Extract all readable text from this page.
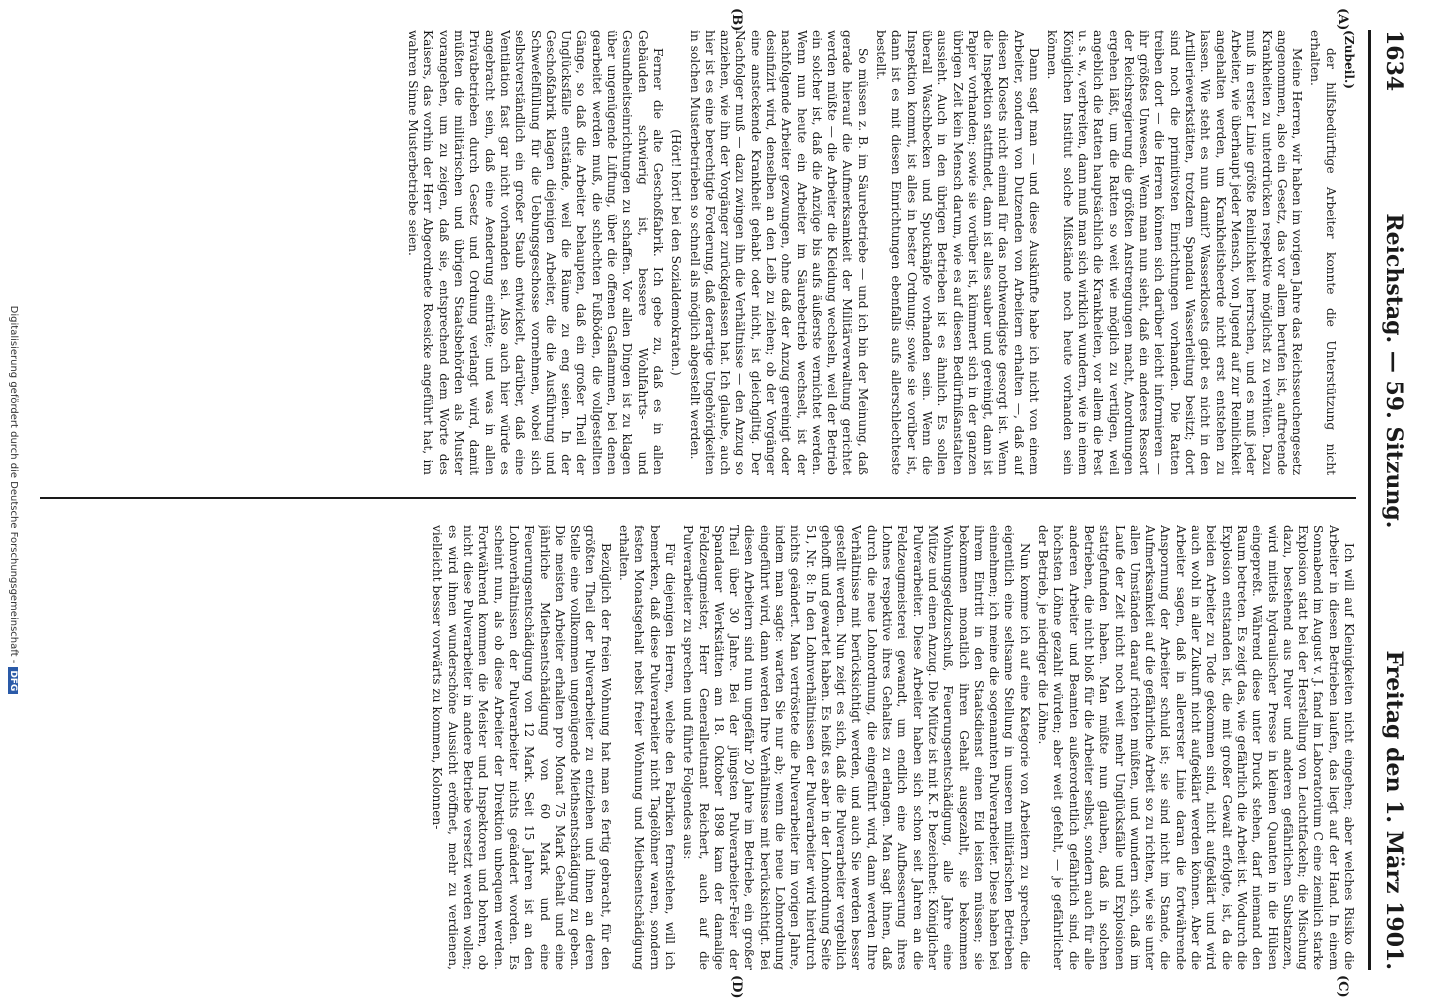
1634
Reichstag. — 59. Sitzung.
Freitag den 1. März 1901.
(A)
(B)
(C)
(D)

(Zubeil.)

der hilfsbedürftige Arbeiter konnte die Unterstützung nicht erhalten.

Meine Herren, wir haben im vorigen Jahre das Reichsseuchengesetz angenommen, also ein Gesetz, das vor allem berufen ist, auftretende Krankheiten zu unterdrücken respektive möglichst zu verhüten. Dazu muß in erster Linie größte Reinlichkeit herrschen, und es muß jeder Arbeiter, wie überhaupt jeder Mensch, von Jugend auf zur Reinlichkeit angehalten werden, um Krankheitsheerde nicht erst entstehen zu lassen. Wie steht es nun damit? Wasserklosets giebt es nicht in den Artilleriewerkstätten, trotzdem Spandau Wasserleitung besitzt; dort sind noch die primitivsten Einrichtungen vorhanden. Die Ratten treiben dort — die Herren können sich darüber leicht informieren — ihr größtes Unwesen. Wenn man nun sieht, daß ein anderes Ressort der Reichsregierung die größten Anstrengungen macht, Anordnungen ergehen läßt, um die Ratten so weit wie möglich zu vertilgen, weil angeblich die Ratten hauptsächlich die Krankheiten, vor allem die Pest u. s. w., verbreiten, dann muß man sich wirklich wundern, wie in einem Königlichen Institut solche Mißstände noch heute vorhanden sein können.

Dann sagt man — und diese Auskünfte habe ich nicht von einem Arbeiter, sondern von Dutzenden von Arbeitern erhalten —, daß auf diesen Klosets nicht einmal für das nothwendigste gesorgt ist. Wenn die Inspektion stattfindet, dann ist alles sauber und gereinigt, dann ist Papier vorhanden; sowie sie vorüber ist, kümmert sich in der ganzen übrigen Zeit kein Mensch darum, wie es auf diesen Bedürfnißanstalten aussieht. Auch in den übrigen Betrieben ist es ähnlich. Es sollen überall Waschbecken und Spucknäpfe vorhanden sein. Wenn die Inspektion kommt, ist alles in bester Ordnung; sowie sie vorüber ist, dann ist es mit diesen Einrichtungen ebenfalls aufs allerschlechteste bestellt.

So müssen z. B. im Säurebetriebe — und ich bin der Meinung, daß gerade hierauf die Aufmerksamkeit der Militärverwaltung gerichtet werden müßte — die Arbeiter die Kleidung wechseln, weil der Betrieb ein solcher ist, daß die Anzüge bis aufs äußerste vernichtet werden. Wenn nun heute ein Arbeiter im Säurebetrieb wechselt, ist der nachfolgende Arbeiter gezwungen, ohne daß der Anzug gereinigt oder desinfizirt wird, denselben an den Leib zu ziehen; ob der Vorgänger eine ansteckende Krankheit gehabt oder nicht, ist gleichgiltig. Der Nachfolger muß — dazu zwingen ihn die Verhältnisse — den Anzug so anziehen, wie ihn der Vorgänger zurückgelassen hat. Ich glaube, auch hier ist es eine berechtigte Forderung, daß derartige Ungehörigkeiten in solchen Musterbetrieben so schnell als möglich abgestellt werden.

(Hört! hört! bei den Sozialdemokraten.)

Ferner die alte Geschoßfabrik. Ich gebe zu, daß es in allen Gebäuden schwierig ist, bessere Wohlfahrts- und Gesundheitseinrichtungen zu schaffen. Vor allen Dingen ist zu klagen über ungenügende Lüftung, über die offenen Gasflammen, bei denen gearbeitet werden muß, die schlechten Fußböden, die vollgestellten Gänge, so daß die Arbeiter behaupten, daß ein großer Theil der Unglücksfälle entstände, weil die Räume zu eng seien. In der Geschoßfabrik klagen diejenigen Arbeiter, die die Ausführung und Schwefelfüllung für die Uebungsgeschosse vornehmen, wobei sich selbstverständlich ein großer Staub entwickelt, darüber, daß eine Ventilation fast gar nicht vorhanden sei. Also auch hier würde es angebracht sein, daß eine Aenderung einträte; und was in allen Privatbetrieben durch Gesetz und Ordnung verlangt wird, damit müßten die militärischen und übrigen Staatsbehörden als Muster vorangehen, um zu zeigen, daß sie, entsprechend dem Worte des Kaisers, das vorhin der Herr Abgeordnete Roesicke angeführt hat, im wahren Sinne Musterbetriebe seien.

Ich will auf Kleinigkeiten nicht eingehen; aber welches Risiko die Arbeiter in diesen Betrieben laufen, das liegt auf der Hand. In einem Sonnabend im August v. J. fand im Laboratorium C eine ziemlich starke Explosion statt bei der Herstellung von Leuchtfackeln; die Mischung dazu, bestehend aus Pulver und anderen gefährlichen Substanzen, wird mittels hydraulischer Presse in kleinen Quanten in die Hülsen eingepreßt. Während diese unter Druck stehen, darf niemand den Raum betreten. Es zeigt das, wie gefährlich die Arbeit ist. Wodurch die Explosion entstanden ist, die mit großer Gewalt erfolgte, ist, da die beiden Arbeiter zu Tode gekommen sind, nicht aufgeklärt und wird auch wohl in aller Zukunft nicht aufgeklärt werden können. Aber die Arbeiter sagen, daß in allererster Linie daran die fortwährende Anspornung der Arbeiter schuld ist; sie sind nicht im Stande, die Aufmerksamkeit auf die gefährliche Arbeit so zu richten, wie sie unter allen Umständen darauf richten müßten, und wundern sich, daß im Laufe der Zeit nicht noch weit mehr Unglücksfälle und Explosionen stattgefunden haben. Man müßte nun glauben, daß in solchen Betrieben, die nicht bloß für die Arbeiter selbst, sondern auch für alle anderen Arbeiter und Beamten außerordentlich gefährlich sind, die höchsten Löhne gezahlt würden; aber weit gefehlt, — je gefährlicher der Betrieb, je niedriger die Löhne.

Nun komme ich auf eine Kategorie von Arbeitern zu sprechen, die eigentlich eine seltsame Stellung in unseren militärischen Betrieben einnehmen; ich meine die sogenannten Pulverarbeiter. Diese haben bei ihrem Eintritt in den Staatsdienst einen Eid leisten müssen; sie bekommen monatlich ihren Gehalt ausgezahlt, sie bekommen Wohnungsgeldzuschuß, Feuerungsentschädigung, alle Jahre eine Mütze und einen Anzug. Die Mütze ist mit K. P. bezeichnet: Königlicher Pulverarbeiter. Diese Arbeiter haben sich schon seit Jahren an die Feldzeugmeisterei gewandt, um endlich eine Aufbesserung ihres Lohnes respektive ihres Gehaltes zu erlangen. Man sagt ihnen, daß durch die neue Lohnordnung, die eingeführt wird, dann werden Ihre Verhältnisse mit berücksichtigt werden, und auch Sie werden besser gestellt werden. Nun zeigt es sich, daß die Pulverarbeiter vergeblich gehofft und gewartet haben. Es heißt es aber in der Lohnordnung Seite 51, Nr. 8: In den Lohnverhältnissen der Pulverarbeiter wird hierdurch nichts geändert. Man vertröstete die Pulverarbeiter im vorigen Jahre, indem man sagte: warten Sie nur ab; wenn die neue Lohnordnung eingeführt wird, dann werden Ihre Verhältnisse mit berücksichtigt. Bei diesen Arbeitern sind nun ungefähr 20 Jahre im Betriebe, ein großer Theil über 30 Jahre. Bei der jüngsten Pulverarbeiter-Feier der Spandauer Werkstätten am 18. Oktober 1898 kam der damalige Feldzeugmeister, Herr Generalleutnant Reichert, auch auf die Pulverarbeiter zu sprechen und führte Folgendes aus:

Für diejenigen Herren, welche den Fabriken fernstehen, will ich bemerken, daß diese Pulverarbeiter nicht Tagelöhner waren, sondern festen Monatsgehalt nebst freier Wohnung und Miethsentschädigung erhalten.

Bezüglich der freien Wohnung hat man es fertig gebracht, für den größten Theil der Pulverarbeiter zu entziehen und ihnen an deren Stelle eine vollkommen ungenügende Miethsentschädigung zu geben. Die meisten Arbeiter erhalten pro Monat 75 Mark Gehalt und eine jährliche Miethsentschädigung von 60 Mark und eine Feuerungsentschädigung von 12 Mark. Seit 15 Jahren ist an den Lohnverhältnissen der Pulverarbeiter nichts geändert worden. Es scheint nun, als ob diese Arbeiter der Direktion unbequem werden. Fortwährend kommen die Meister und Inspektoren und bohren, ob nicht diese Pulverarbeiter in andere Betriebe versetzt werden wollen; es wird ihnen wunderschöne Aussicht eröffnet, mehr zu verdienen, vielleicht besser vorwärts zu kommen, Kolonnen-

Digitalisierung gefördert durch die Deutsche Forschungsgemeinschaft -DFG
